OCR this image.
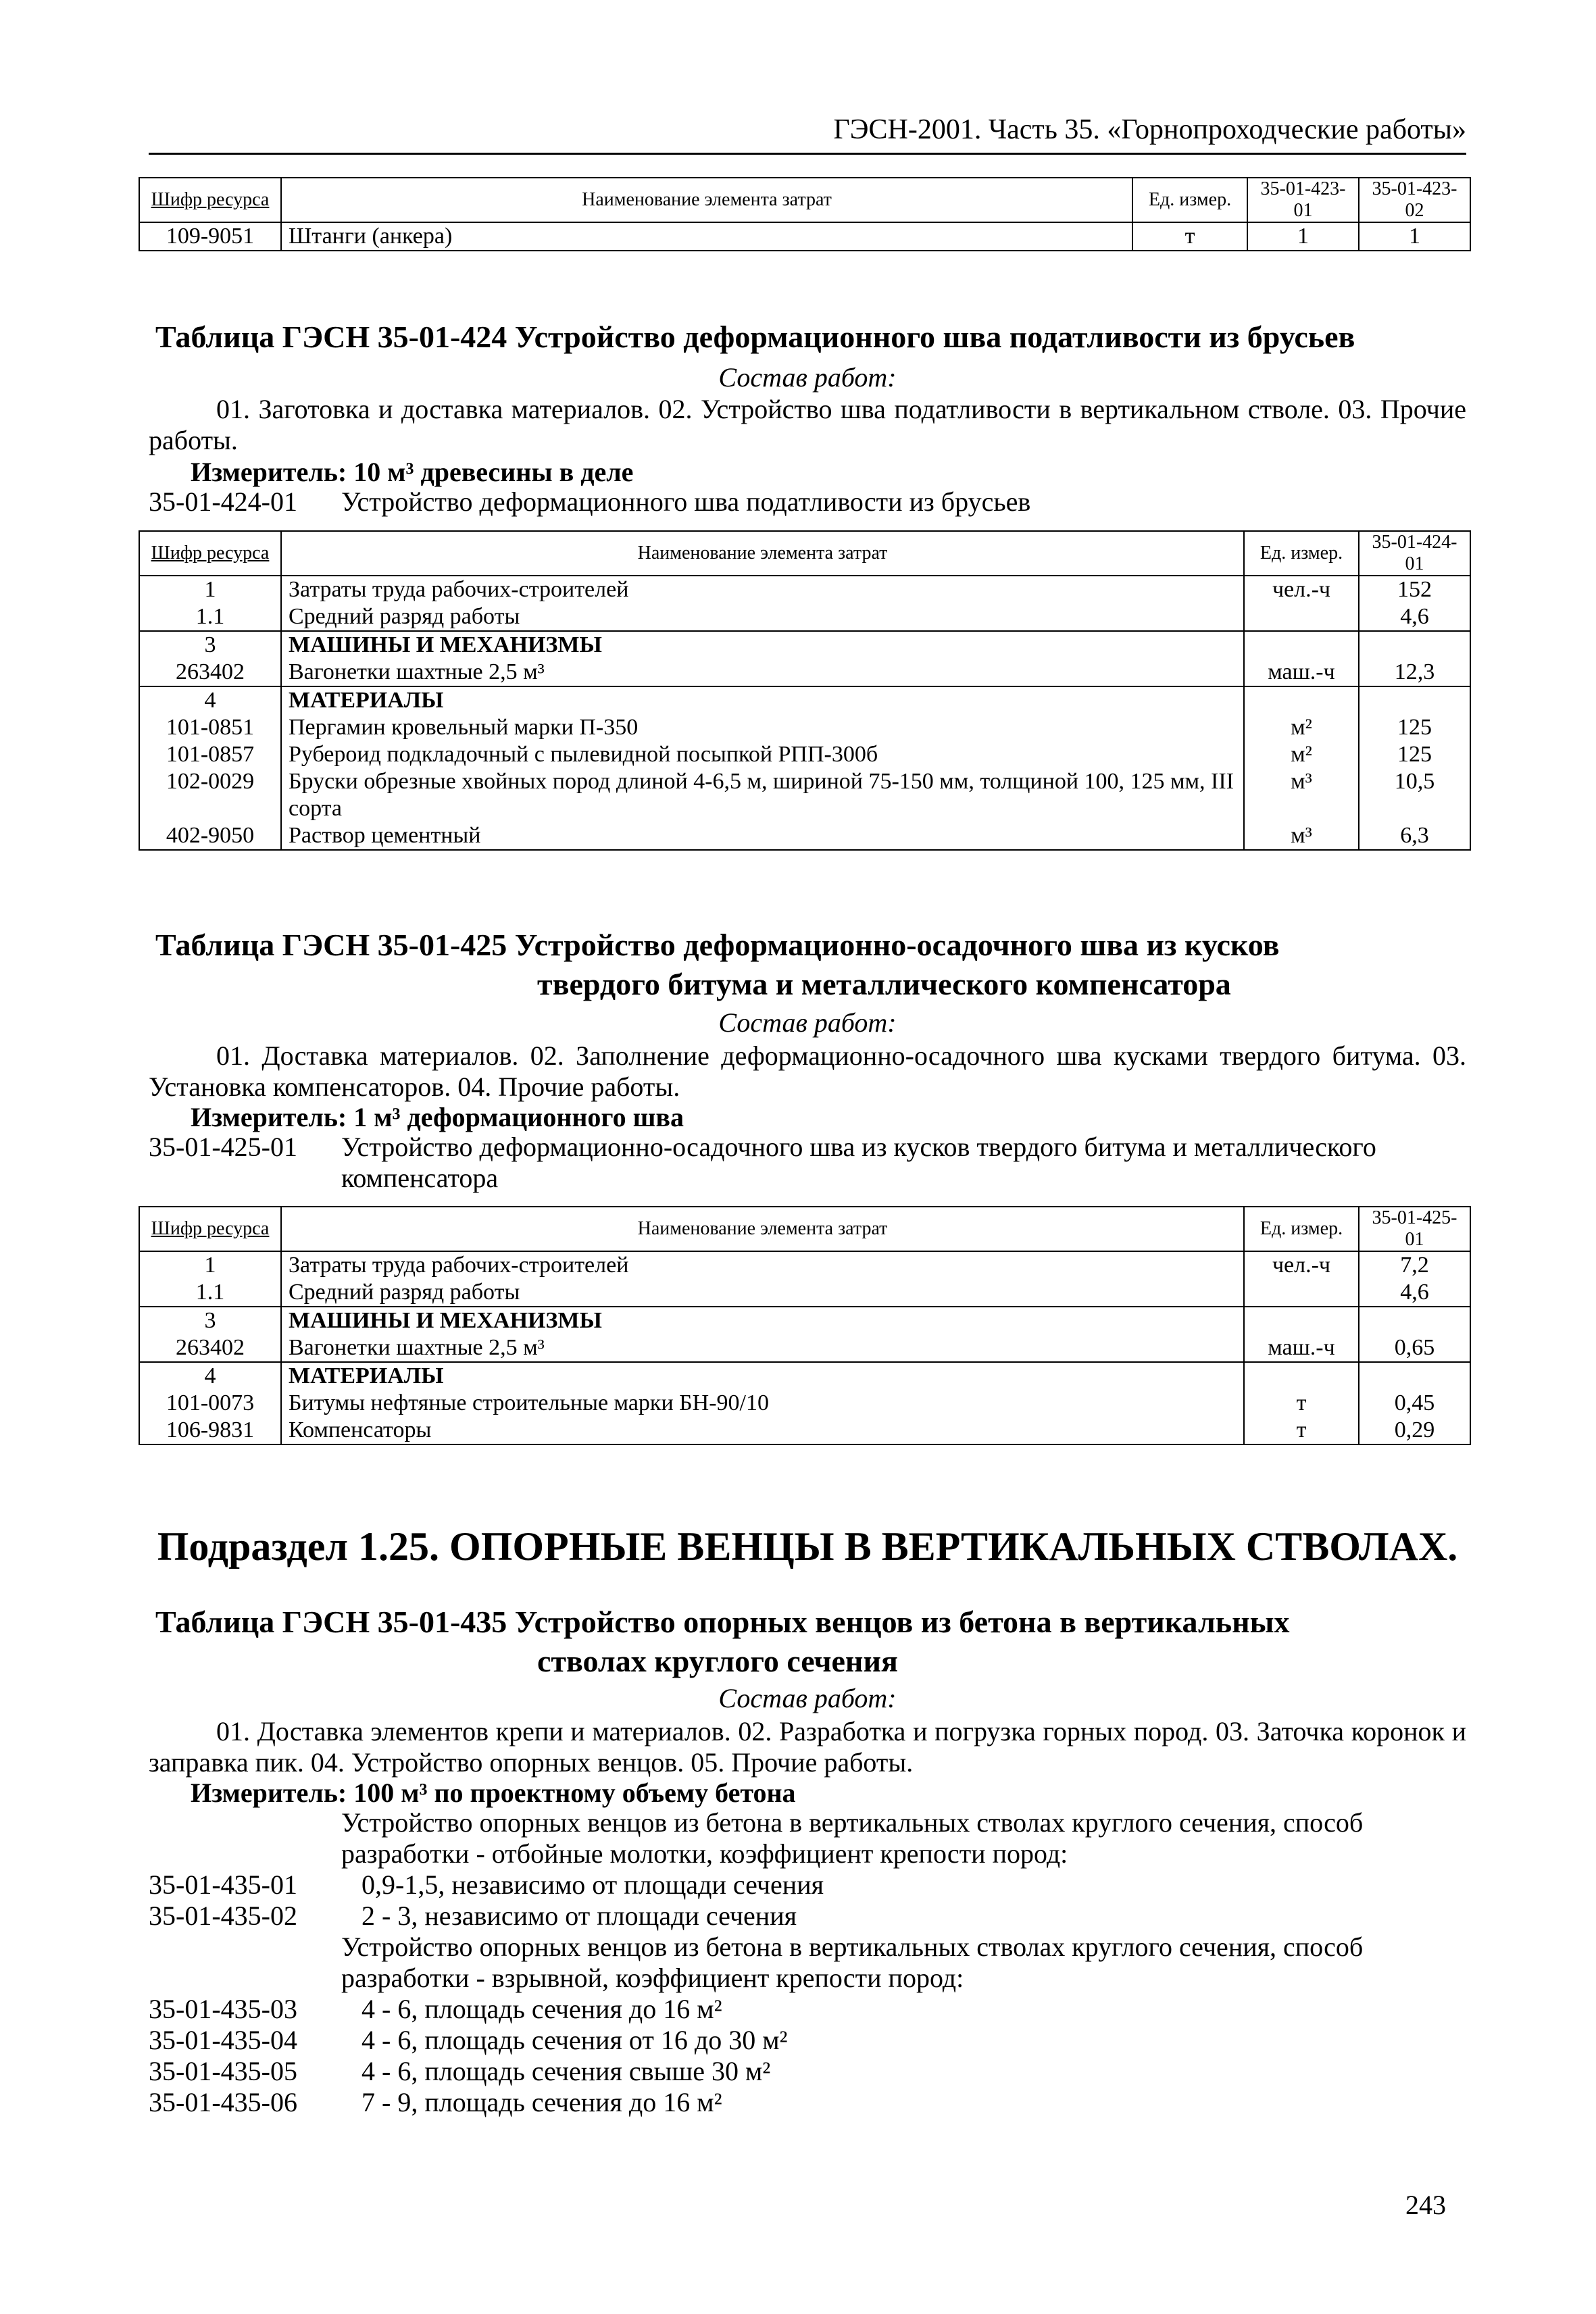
ГЭСН-2001. Часть 35. «Горнопроходческие работы»
Шифр ресурса	Наименование элемента затрат	Ед. измер.	35-01-423-01	35-01-423-02
109-9051	Штанги (анкера)	т	1	1
Таблица ГЭСН 35-01-424 Устройство деформационного шва податливости из брусьев
Состав работ:
01. Заготовка и доставка материалов. 02. Устройство шва податливости в вертикальном стволе. 03. Прочие работы.
Измеритель: 10 м³ древесины в деле
35-01-424-01 Устройство деформационного шва податливости из брусьев
Шифр ресурса	Наименование элемента затрат	Ед. измер.	35-01-424-01
1	Затраты труда рабочих-строителей	чел.-ч	152
1.1	Средний разряд работы		4,6
3	МАШИНЫ И МЕХАНИЗМЫ		
263402	Вагонетки шахтные 2,5 м³	маш.-ч	12,3
4	МАТЕРИАЛЫ		
101-0851	Пергамин кровельный марки П-350	м²	125
101-0857	Рубероид подкладочный с пылевидной посыпкой РПП-300б	м²	125
102-0029	Бруски обрезные хвойных пород длиной 4-6,5 м, шириной 75-150 мм, толщиной 100, 125 мм, III сорта	м³	10,5
402-9050	Раствор цементный	м³	6,3
Таблица ГЭСН 35-01-425 Устройство деформационно-осадочного шва из кусков
твердого битума и металлического компенсатора
Состав работ:
01. Доставка материалов. 02. Заполнение деформационно-осадочного шва кусками твердого битума. 03. Установка компенсаторов. 04. Прочие работы.
Измеритель: 1 м³ деформационного шва
35-01-425-01 Устройство деформационно-осадочного шва из кусков твердого битума и металлического компенсатора
Шифр ресурса	Наименование элемента затрат	Ед. измер.	35-01-425-01
1	Затраты труда рабочих-строителей	чел.-ч	7,2
1.1	Средний разряд работы		4,6
3	МАШИНЫ И МЕХАНИЗМЫ		
263402	Вагонетки шахтные 2,5 м³	маш.-ч	0,65
4	МАТЕРИАЛЫ		
101-0073	Битумы нефтяные строительные марки БН-90/10	т	0,45
106-9831	Компенсаторы	т	0,29
Подраздел 1.25. ОПОРНЫЕ ВЕНЦЫ В ВЕРТИКАЛЬНЫХ СТВОЛАХ.
Таблица ГЭСН 35-01-435 Устройство опорных венцов из бетона в вертикальных
стволах круглого сечения
Состав работ:
01. Доставка элементов крепи и материалов. 02. Разработка и погрузка горных пород. 03. Заточка коронок и заправка пик. 04. Устройство опорных венцов. 05. Прочие работы.
Измеритель: 100 м³ по проектному объему бетона
Устройство опорных венцов из бетона в вертикальных стволах круглого сечения, способ разработки - отбойные молотки, коэффициент крепости пород:
35-01-435-01 0,9-1,5, независимо от площади сечения
35-01-435-02 2 - 3, независимо от площади сечения
Устройство опорных венцов из бетона в вертикальных стволах круглого сечения, способ разработки - взрывной, коэффициент крепости пород:
35-01-435-03 4 - 6, площадь сечения до 16 м²
35-01-435-04 4 - 6, площадь сечения от 16 до 30 м²
35-01-435-05 4 - 6, площадь сечения свыше 30 м²
35-01-435-06 7 - 9, площадь сечения до 16 м²
243
